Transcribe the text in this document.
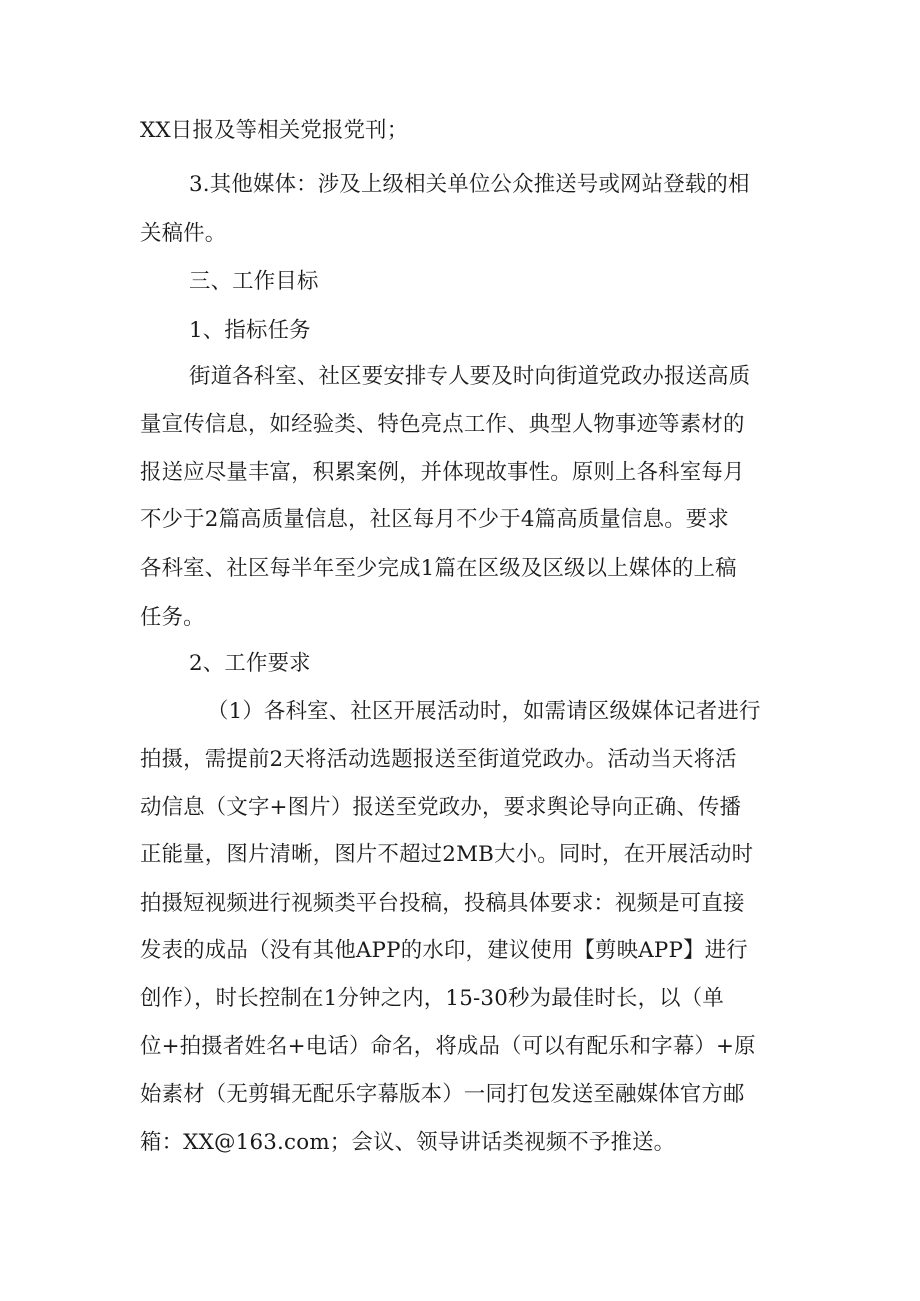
XX日报及等相关党报党刊；
3.其他媒体：涉及上级相关单位公众推送号或网站登载的相
关稿件。
三、工作目标
1、指标任务
街道各科室、社区要安排专人要及时向街道党政办报送高质
量宣传信息，如经验类、特色亮点工作、典型人物事迹等素材的
报送应尽量丰富，积累案例，并体现故事性。原则上各科室每月
不少于2篇高质量信息，社区每月不少于4篇高质量信息。要求
各科室、社区每半年至少完成1篇在区级及区级以上媒体的上稿
任务。
2、工作要求
（1）各科室、社区开展活动时，如需请区级媒体记者进行
拍摄，需提前2天将活动选题报送至街道党政办。活动当天将活
动信息（文字+图片）报送至党政办，要求舆论导向正确、传播
正能量，图片清晰，图片不超过2MB大小。同时，在开展活动时
拍摄短视频进行视频类平台投稿，投稿具体要求：视频是可直接
发表的成品（没有其他APP的水印，建议使用【剪映APP】进行
创作），时长控制在1分钟之内，15-30秒为最佳时长，以（单
位+拍摄者姓名+电话）命名，将成品（可以有配乐和字幕）+原
始素材（无剪辑无配乐字幕版本）一同打包发送至融媒体官方邮
箱：XX@163.com；会议、领导讲话类视频不予推送。
